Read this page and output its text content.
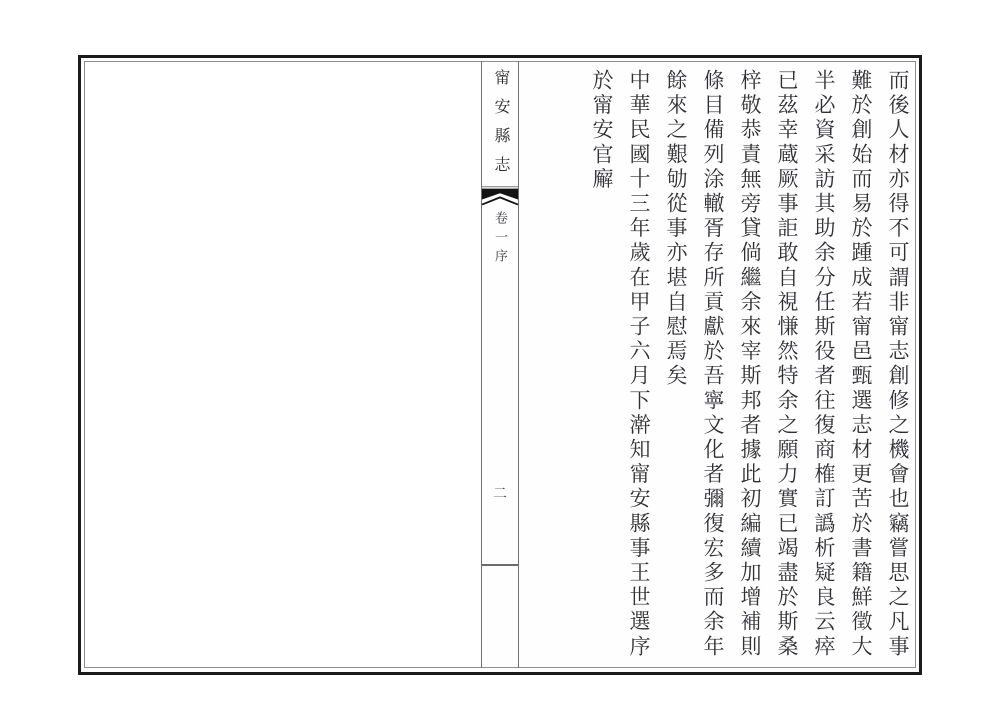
甯安縣志
卷一序
二	而後人材亦得不可謂非甯志創修之機會也竊嘗思之凡事
難於創始而易於踵成若甯邑甄選志材更苦於書籍鮮徵大
半必資采訪其助余分任斯役者往復商榷訂譌析疑良云瘁
已茲幸蔵厥事詎敢自視慊然特余之願力實已竭盡於斯桑
梓敬恭責無旁貸倘繼余來宰斯邦者據此初編續加增補則
條目備列涂轍胥存所貢獻於吾寧文化者彌復宏多而余年
餘來之艱劬從事亦堪自慰焉矣
中華民國十三年歲在甲子六月下澣知甯安縣事王世選序
於甯安官廨
